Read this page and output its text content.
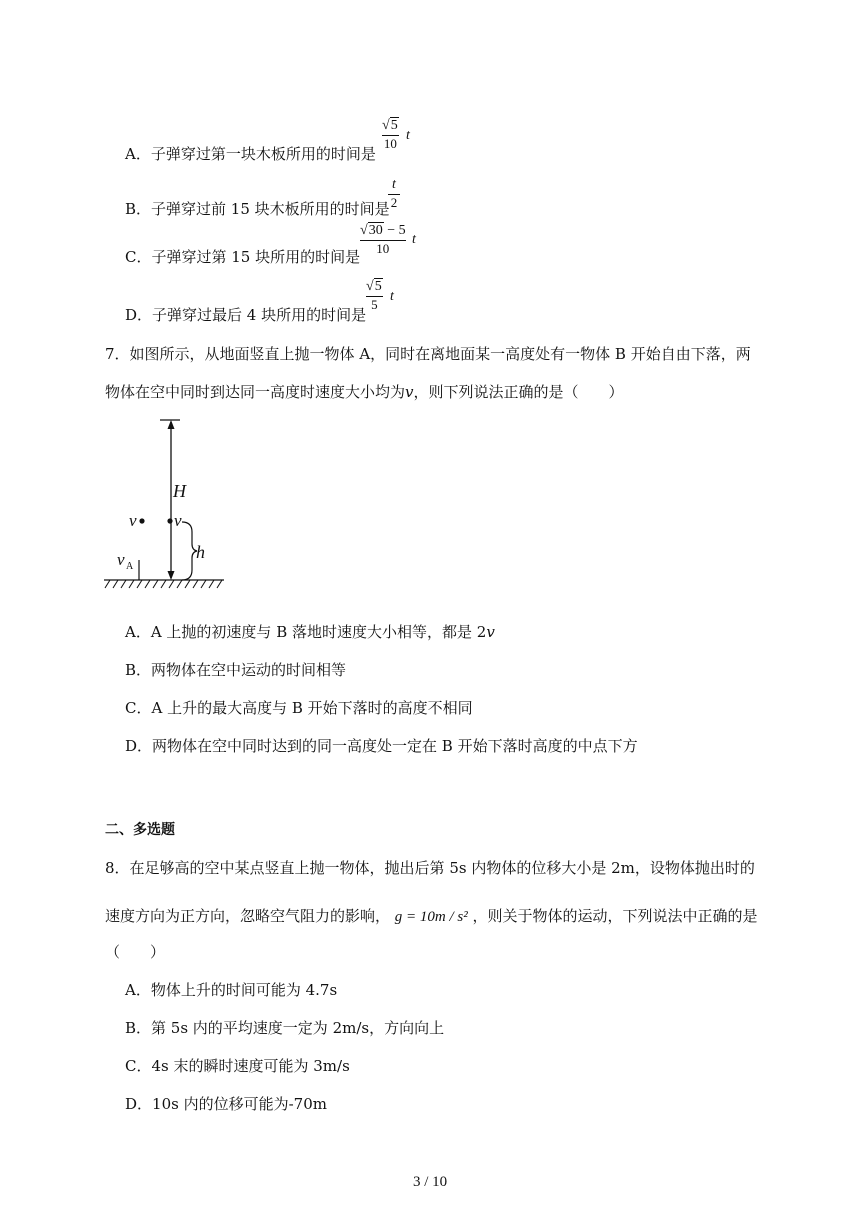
A．子弹穿过第一块木板所用的时间是
√5
10
t
B．子弹穿过前 15 块木板所用的时间是
t
2
C．子弹穿过第 15 块所用的时间是
√30 − 5
10
t
D．子弹穿过最后 4 块所用的时间是
√5
5
t
7．如图所示，从地面竖直上抛一物体 A，同时在离地面某一高度处有一物体 B 开始自由下落，两
物体在空中同时到达同一高度时速度大小均为v，则下列说法正确的是（　　）
H
v v
h
v A
A．A 上抛的初速度与 B 落地时速度大小相等，都是 2v
B．两物体在空中运动的时间相等
C．A 上升的最大高度与 B 开始下落时的高度不相同
D．两物体在空中同时达到的同一高度处一定在 B 开始下落时高度的中点下方
二、多选题
8．在足够高的空中某点竖直上抛一物体，抛出后第 5s 内物体的位移大小是 2m，设物体抛出时的
速度方向为正方向，忽略空气阻力的影响， g = 10m / s² ，则关于物体的运动，下列说法中正确的是
（　　）
A．物体上升的时间可能为 4.7s
B．第 5s 内的平均速度一定为 2m/s，方向向上
C．4s 末的瞬时速度可能为 3m/s
D．10s 内的位移可能为-70m
3 / 10
